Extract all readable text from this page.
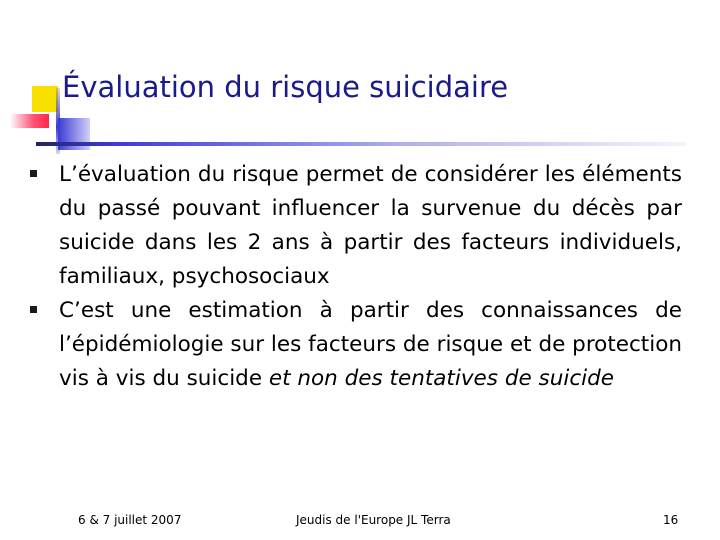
Évaluation du risque suicidaire
L’évaluation du risque permet de considérer les éléments du passé pouvant influencer la survenue du décès par suicide dans les 2 ans à partir des facteurs individuels, familiaux, psychosociaux
C’est une estimation à partir des connaissances de l’épidémiologie sur les facteurs de risque et de protection vis à vis du suicide et non des tentatives de suicide
6 & 7 juillet 2007	Jeudis de l'Europe JL Terra	16
